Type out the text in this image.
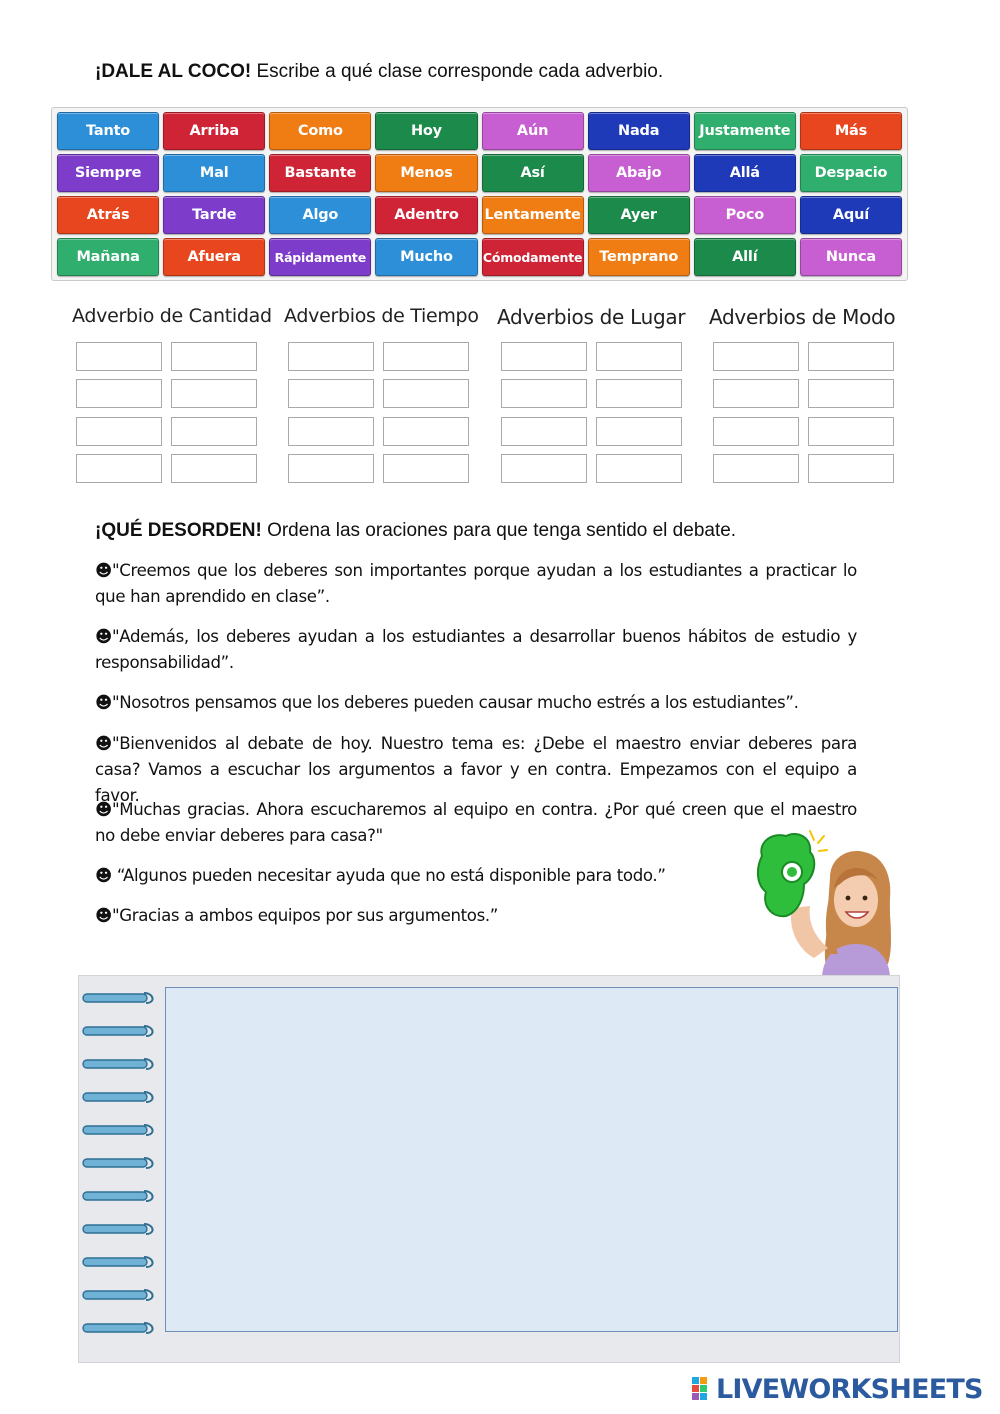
¡DALE AL COCO! Escribe a qué clase corresponde cada adverbio.
Tanto	Arriba	Como	Hoy	Aún	Nada	Justamente	Más
Siempre	Mal	Bastante	Menos	Así	Abajo	Allá	Despacio
Atrás	Tarde	Algo	Adentro	Lentamente	Ayer	Poco	Aquí
Mañana	Afuera	Rápidamente	Mucho	Cómodamente	Temprano	Allí	Nunca
Adverbio de Cantidad Adverbios de Tiempo Adverbios de Lugar Adverbios de Modo
¡QUÉ DESORDEN! Ordena las oraciones para que tenga sentido el debate.

☻"Creemos que los deberes son importantes porque ayudan a los estudiantes a practicar lo que han aprendido en clase”.

☻"Además, los deberes ayudan a los estudiantes a desarrollar buenos hábitos de estudio y responsabilidad”.

☻"Nosotros pensamos que los deberes pueden causar mucho estrés a los estudiantes”.

☻"Bienvenidos al debate de hoy. Nuestro tema es: ¿Debe el maestro enviar deberes para casa? Vamos a escuchar los argumentos a favor y en contra. Empezamos con el equipo a favor.

☻"Muchas gracias. Ahora escucharemos al equipo en contra. ¿Por qué creen que el maestro no debe enviar deberes para casa?"

☻ “Algunos pueden necesitar ayuda que no está disponible para todo.”

☻"Gracias a ambos equipos por sus argumentos.”

LIVEWORKSHEETS
